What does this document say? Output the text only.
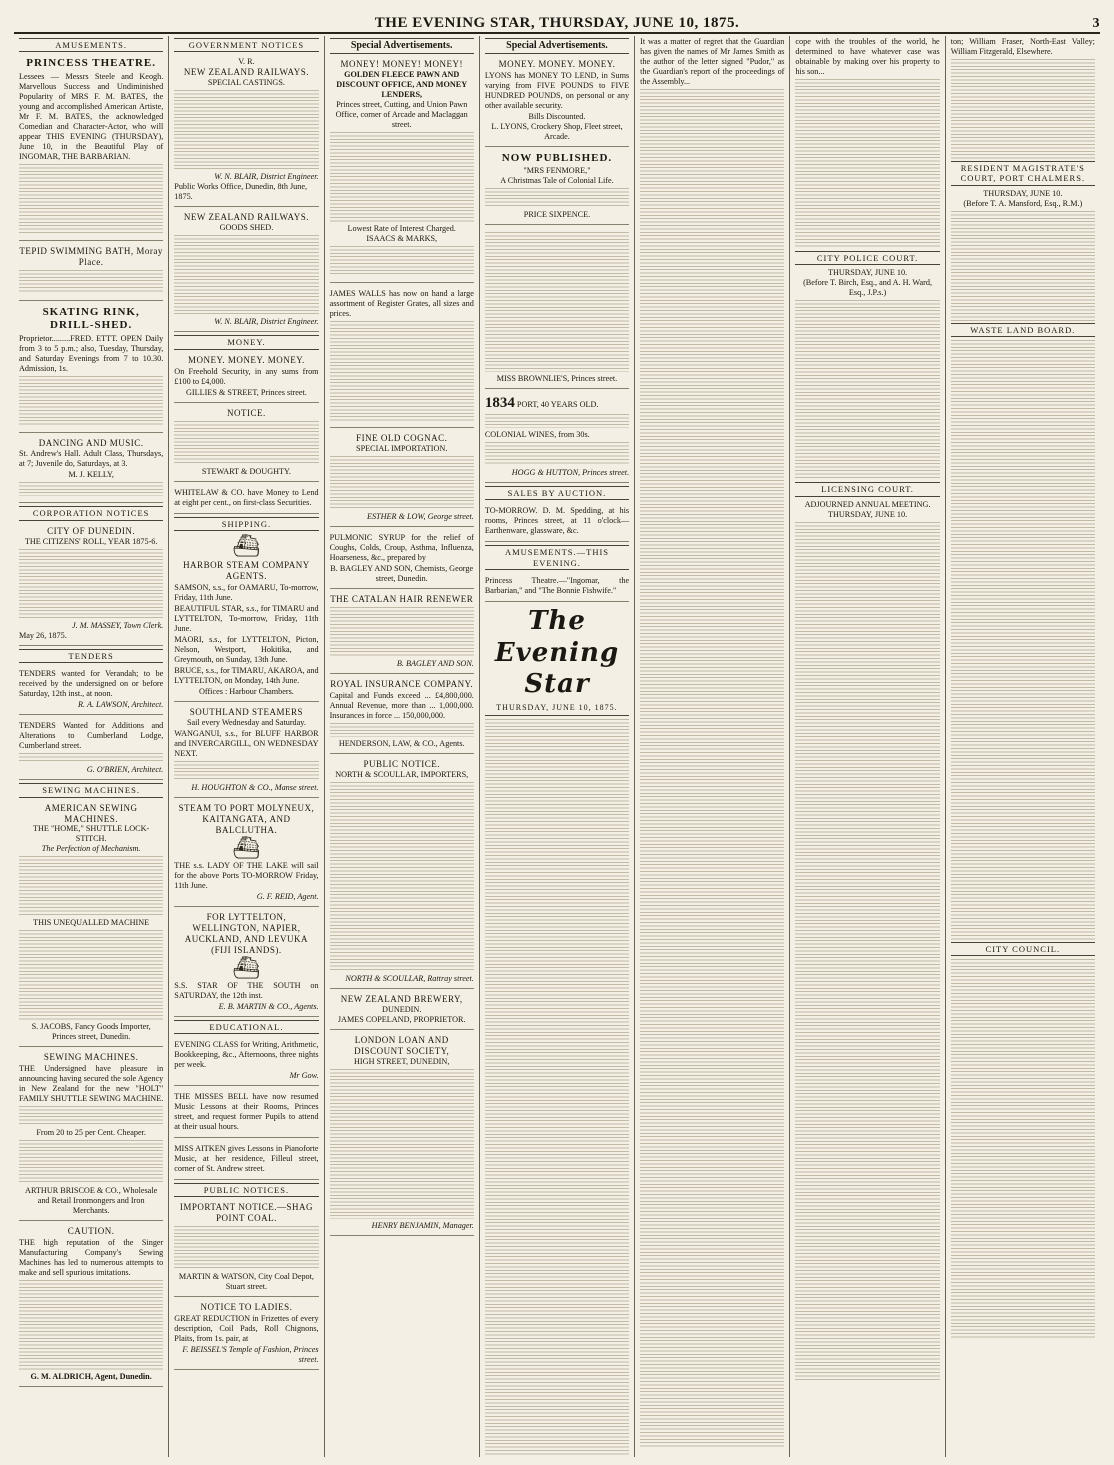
THE EVENING STAR, THURSDAY, JUNE 10, 1875.	3
AMUSEMENTS.
PRINCESS THEATRE.
Lessees — Messrs Steele and Keogh. Marvellous Success and Undiminished Popularity of MRS F. M. BATES, the young and accomplished American Artiste, Mr F. M. BATES, the acknowledged Comedian and Character-Actor, who will appear THIS EVENING (THURSDAY), June 10, in the Beautiful Play of INGOMAR, THE BARBARIAN.
TEPID SWIMMING BATH, Moray Place.
SKATING RINK, DRILL-SHED.
Proprietor.........FRED. ETTT. OPEN Daily from 3 to 5 p.m.; also, Tuesday, Thursday, and Saturday Evenings from 7 to 10.30. Admission, 1s.
DANCING AND MUSIC.
St. Andrew's Hall. Adult Class, Thursdays, at 7; Juvenile do, Saturdays, at 3.
M. J. KELLY,
CORPORATION NOTICES
CITY OF DUNEDIN.
THE CITIZENS' ROLL, YEAR 1875-6.
J. M. MASSEY, Town Clerk.
May 26, 1875.
TENDERS
TENDERS wanted for Verandah; to be received by the undersigned on or before Saturday, 12th inst., at noon.
R. A. LAWSON, Architect.
TENDERS Wanted for Additions and Alterations to Cumberland Lodge, Cumberland street.
G. O'BRIEN, Architect.
SEWING MACHINES.
AMERICAN SEWING MACHINES.
THE "HOME," SHUTTLE LOCK-STITCH.
The Perfection of Mechanism.
THIS UNEQUALLED MACHINE
S. JACOBS, Fancy Goods Importer, Princes street, Dunedin.
SEWING MACHINES.
THE Undersigned have pleasure in announcing having secured the sole Agency in New Zealand for the new "HOLT" FAMILY SHUTTLE SEWING MACHINE.
From 20 to 25 per Cent. Cheaper.
ARTHUR BRISCOE & CO., Wholesale and Retail Ironmongers and Iron Merchants.
CAUTION.
THE high reputation of the Singer Manufacturing Company's Sewing Machines has led to numerous attempts to make and sell spurious imitations.
G. M. ALDRICH, Agent, Dunedin.
GOVERNMENT NOTICES
V. R.
NEW ZEALAND RAILWAYS.
SPECIAL CASTINGS.
W. N. BLAIR, District Engineer.
Public Works Office, Dunedin, 8th June, 1875.
NEW ZEALAND RAILWAYS.
GOODS SHED.
W. N. BLAIR, District Engineer.
MONEY.
MONEY. MONEY. MONEY.
On Freehold Security, in any sums from £100 to £4,000.
GILLIES & STREET, Princes street.
NOTICE.
STEWART & DOUGHTY.
WHITELAW & CO. have Money to Lend at eight per cent., on first-class Securities.
SHIPPING.
⛴
HARBOR STEAM COMPANY AGENTS.
SAMSON, s.s., for OAMARU, To-morrow, Friday, 11th June.
BEAUTIFUL STAR, s.s., for TIMARU and LYTTELTON, To-morrow, Friday, 11th June.
MAORI, s.s., for LYTTELTON, Picton, Nelson, Westport, Hokitika, and Greymouth, on Sunday, 13th June.
BRUCE, s.s., for TIMARU, AKAROA, and LYTTELTON, on Monday, 14th June.
Offices : Harbour Chambers.
SOUTHLAND STEAMERS
Sail every Wednesday and Saturday.
WANGANUI, s.s., for BLUFF HARBOR and INVERCARGILL, ON WEDNESDAY NEXT.
H. HOUGHTON & CO., Manse street.
STEAM TO PORT MOLYNEUX, KAITANGATA, AND BALCLUTHA.
⛴
THE s.s. LADY OF THE LAKE will sail for the above Ports TO-MORROW Friday, 11th June.
G. F. REID, Agent.
FOR LYTTELTON, WELLINGTON, NAPIER, AUCKLAND, AND LEVUKA (FIJI ISLANDS).
⛴
S.S. STAR OF THE SOUTH on SATURDAY, the 12th inst.
E. B. MARTIN & CO., Agents.
EDUCATIONAL.
EVENING CLASS for Writing, Arithmetic, Bookkeeping, &c., Afternoons, three nights per week.
Mr Gow.
THE MISSES BELL have now resumed Music Lessons at their Rooms, Princes street, and request former Pupils to attend at their usual hours.
MISS AITKEN gives Lessons in Pianoforte Music, at her residence, Filleul street, corner of St. Andrew street.
PUBLIC NOTICES.
IMPORTANT NOTICE.—SHAG POINT COAL.
MARTIN & WATSON, City Coal Depot, Stuart street.
NOTICE TO LADIES.
GREAT REDUCTION in Frizettes of every description, Coil Pads, Roll Chignons, Plaits, from 1s. pair, at
F. BEISSEL'S Temple of Fashion, Princes street.
Special Advertisements.
MONEY! MONEY! MONEY!
GOLDEN FLEECE PAWN AND DISCOUNT OFFICE, AND MONEY LENDERS,
Princes street, Cutting, and Union Pawn Office, corner of Arcade and Maclaggan street.
Lowest Rate of Interest Charged.
ISAACS & MARKS,
JAMES WALLS has now on hand a large assortment of Register Grates, all sizes and prices.
FINE OLD COGNAC.
SPECIAL IMPORTATION.
ESTHER & LOW, George street.
PULMONIC SYRUP for the relief of Coughs, Colds, Croup, Asthma, Influenza, Hoarseness, &c., prepared by
B. BAGLEY AND SON, Chemists, George street, Dunedin.
THE CATALAN HAIR RENEWER
B. BAGLEY AND SON.
ROYAL INSURANCE COMPANY.
Capital and Funds exceed ... £4,800,000. Annual Revenue, more than ... 1,000,000. Insurances in force ... 150,000,000.
HENDERSON, LAW, & CO., Agents.
PUBLIC NOTICE.
NORTH & SCOULLAR, IMPORTERS,
NORTH & SCOULLAR, Rattray street.
NEW ZEALAND BREWERY,
DUNEDIN.
JAMES COPELAND, PROPRIETOR.
LONDON LOAN AND DISCOUNT SOCIETY,
HIGH STREET, DUNEDIN,
HENRY BENJAMIN, Manager.
Special Advertisements.
MONEY. MONEY. MONEY.
LYONS has MONEY TO LEND, in Sums varying from FIVE POUNDS to FIVE HUNDRED POUNDS, on personal or any other available security.
Bills Discounted.
L. LYONS, Crockery Shop, Fleet street, Arcade.
NOW PUBLISHED.
"MRS FENMORE,"
A Christmas Tale of Colonial Life.
PRICE SIXPENCE.
MISS BROWNLIE'S, Princes street.
1834 PORT, 40 YEARS OLD.
COLONIAL WINES, from 30s.
HOGG & HUTTON, Princes street.
SALES BY AUCTION.
TO-MORROW. D. M. Spedding, at his rooms, Princes street, at 11 o'clock—Earthenware, glassware, &c.
AMUSEMENTS.—THIS EVENING.
Princess Theatre.—"Ingomar, the Barbarian," and "The Bonnie Fishwife."
The Evening Star
THURSDAY, JUNE 10, 1875.
It was a matter of regret that the Guardian has given the names of Mr James Smith as the author of the letter signed "Pudor," as the Guardian's report of the proceedings of the Assembly...
cope with the troubles of the world, he determined to have whatever case was obtainable by making over his property to his son...
CITY POLICE COURT.
THURSDAY, JUNE 10.
(Before T. Birch, Esq., and A. H. Ward, Esq., J.P.s.)
LICENSING COURT.
ADJOURNED ANNUAL MEETING.
THURSDAY, JUNE 10.
ton; William Fraser, North-East Valley; William Fitzgerald, Elsewhere.
RESIDENT MAGISTRATE'S COURT, PORT CHALMERS.
THURSDAY, JUNE 10.
(Before T. A. Mansford, Esq., R.M.)
WASTE LAND BOARD.
CITY COUNCIL.
